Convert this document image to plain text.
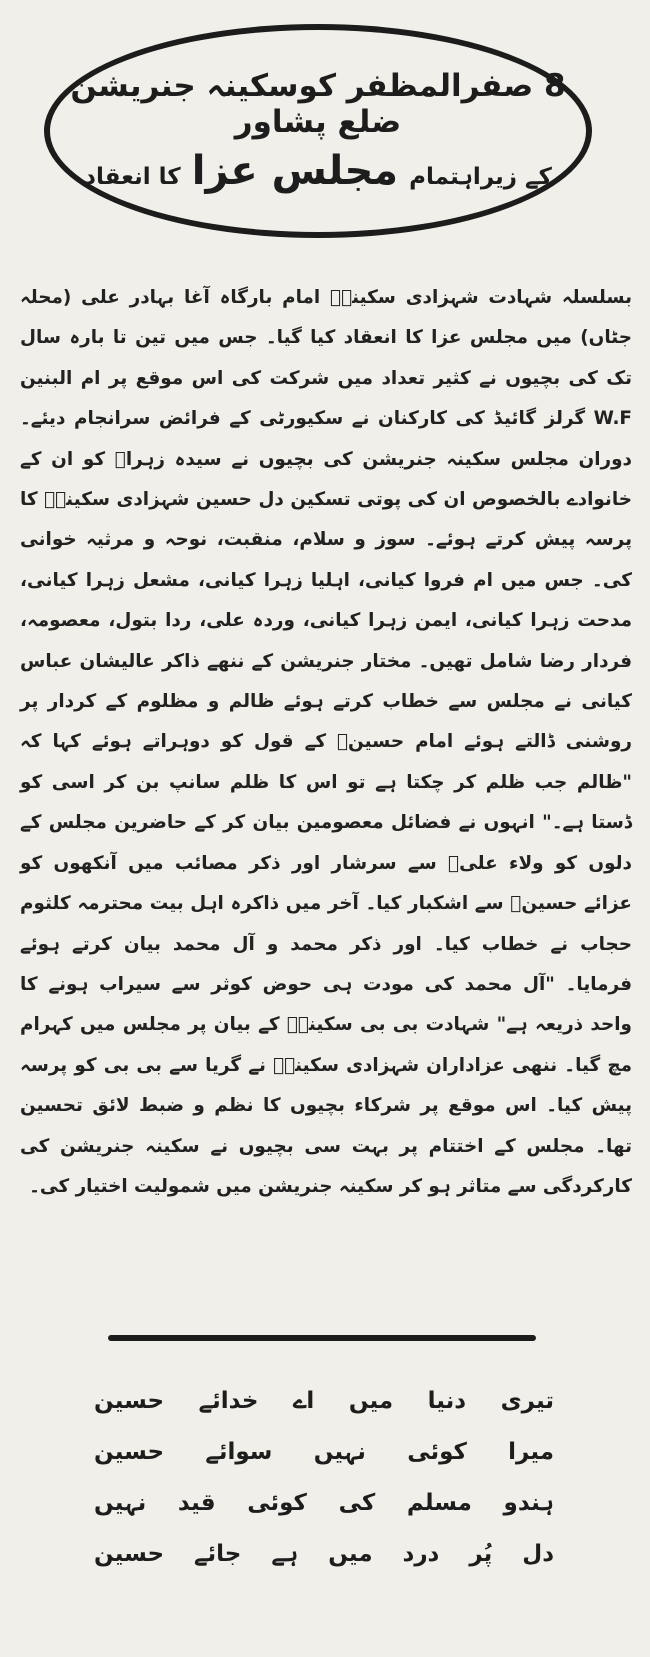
8 صفرالمظفر کوسکینہ جنریشن ضلع پشاور
کے زیراہتمام مجلس عزا کا انعقاد

بسلسلہ شہادت شہزادی سکینہؑ امام بارگاہ آغا بہادر علی (محلہ جٹاں) میں مجلس عزا کا انعقاد کیا گیا۔ جس میں تین تا بارہ سال تک کی بچیوں نے کثیر تعداد میں شرکت کی اس موقع پر ام البنین W.F گرلز گائیڈ کی کارکنان نے سکیورٹی کے فرائض سرانجام دیئے۔ دوران مجلس سکینہ جنریشن کی بچیوں نے سیدہ زہراؑ کو ان کے خانوادے بالخصوص ان کی پوتی تسکین دل حسین شہزادی سکینہؑ کا پرسہ پیش کرتے ہوئے۔ سوز و سلام، منقبت، نوحہ و مرثیہ خوانی کی۔ جس میں ام فروا کیانی، اہلیا زہرا کیانی، مشعل زہرا کیانی، مدحت زہرا کیانی، ایمن زہرا کیانی، وردہ علی، ردا بتول، معصومہ، فردار رضا شامل تھیں۔ مختار جنریشن کے ننھے ذاکر عالیشان عباس کیانی نے مجلس سے خطاب کرتے ہوئے ظالم و مظلوم کے کردار پر روشنی ڈالتے ہوئے امام حسینؑ کے قول کو دوہراتے ہوئے کہا کہ "ظالم جب ظلم کر چکتا ہے تو اس کا ظلم سانپ بن کر اسی کو ڈستا ہے۔" انہوں نے فضائل معصومین بیان کر کے حاضرین مجلس کے دلوں کو ولاء علیؑ سے سرشار اور ذکر مصائب میں آنکھوں کو عزائے حسینؑ سے اشکبار کیا۔ آخر میں ذاکرہ اہل بیت محترمہ کلثوم حجاب نے خطاب کیا۔ اور ذکر محمد و آل محمد بیان کرتے ہوئے فرمایا۔ "آل محمد کی مودت ہی حوض کوثر سے سیراب ہونے کا واحد ذریعہ ہے" شہادت بی بی سکینہؑ کے بیان پر مجلس میں کہرام مچ گیا۔ ننھی عزاداران شہزادی سکینہؑ نے گریا سے بی بی کو پرسہ پیش کیا۔ اس موقع پر شرکاء بچیوں کا نظم و ضبط لائق تحسین تھا۔ مجلس کے اختتام پر بہت سی بچیوں نے سکینہ جنریشن کی کارکردگی سے متاثر ہو کر سکینہ جنریشن میں شمولیت اختیار کی۔

تیری
دنیا
میں
اے
خدائے
حسین
میرا
کوئی
نہیں
سوائے
حسین
ہندو
مسلم
کی
کوئی
قید
نہیں
دل
پُر
درد
میں
ہے
جائے
حسین
